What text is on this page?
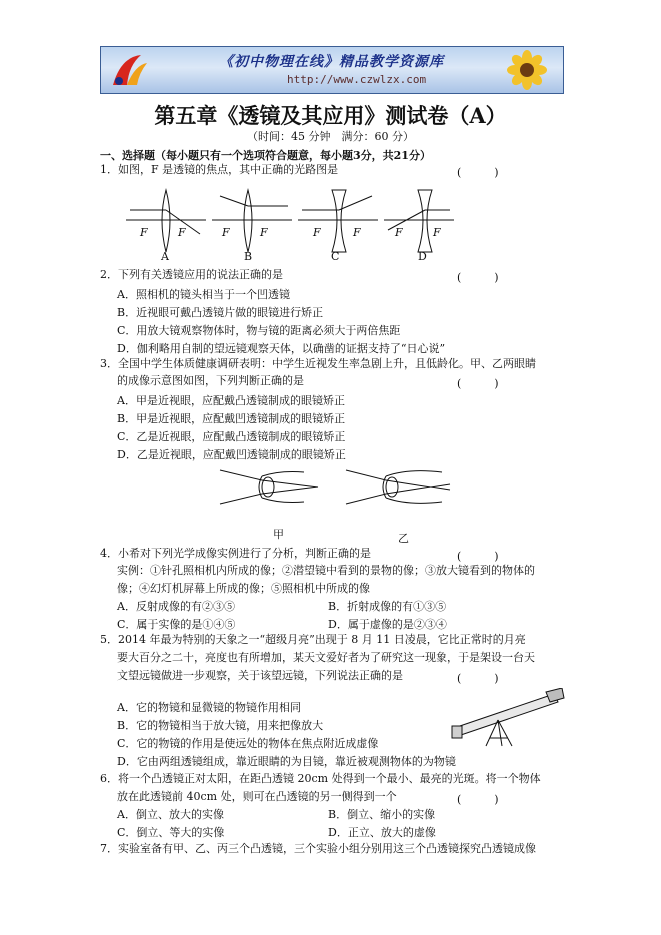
《初中物理在线》精品教学资源库
http://www.czwlzx.com
第五章《透镜及其应用》测试卷（A）
（时间：45 分钟　满分：60 分）
一、选择题（每小题只有一个选项符合题意，每小题3分，共21分）
1．如图，F 是透镜的焦点，其中正确的光路图是	(　　　)
F	F	F	F	F	F	F	F
A	B	C	D
2．下列有关透镜应用的说法正确的是	(　　　)
A．照相机的镜头相当于一个凹透镜
B．近视眼可戴凸透镜片做的眼镜进行矫正
C．用放大镜观察物体时，物与镜的距离必须大于两倍焦距
D．伽利略用自制的望远镜观察天体，以确凿的证据支持了“日心说”
3．全国中学生体质健康调研表明：中学生近视发生率急剧上升，且低龄化。甲、乙两眼睛
的成像示意图如图，下列判断正确的是	(　　　)
A．甲是近视眼，应配戴凸透镜制成的眼镜矫正
B．甲是近视眼，应配戴凹透镜制成的眼镜矫正
C．乙是近视眼，应配戴凸透镜制成的眼镜矫正
D．乙是近视眼，应配戴凹透镜制成的眼镜矫正
甲	乙
4．小希对下列光学成像实例进行了分析，判断正确的是	(　　　)
实例：①针孔照相机内所成的像；②潜望镜中看到的景物的像；③放大镜看到的物体的
像；④幻灯机屏幕上所成的像；⑤照相机中所成的像
A．反射成像的有②③⑤	B．折射成像的有①③⑤
C．属于实像的是①④⑤	D．属于虚像的是②③④
5．2014 年最为特别的天象之一“超级月亮”出现于 8 月 11 日凌晨，它比正常时的月亮
要大百分之二十，亮度也有所增加，某天文爱好者为了研究这一现象，于是架设一台天
文望远镜做进一步观察，关于该望远镜，下列说法正确的是	(　　　)
A．它的物镜和显微镜的物镜作用相同
B．它的物镜相当于放大镜，用来把像放大
C．它的物镜的作用是使远处的物体在焦点附近成虚像
D．它由两组透镜组成，靠近眼睛的为目镜，靠近被观测物体的为物镜
6．将一个凸透镜正对太阳，在距凸透镜 20cm 处得到一个最小、最亮的光斑。将一个物体
放在此透镜前 40cm 处，则可在凸透镜的另一侧得到一个	(　　　)
A．倒立、放大的实像	B．倒立、缩小的实像
C．倒立、等大的实像	D．正立、放大的虚像
7．实验室备有甲、乙、丙三个凸透镜，三个实验小组分别用这三个凸透镜探究凸透镜成像
